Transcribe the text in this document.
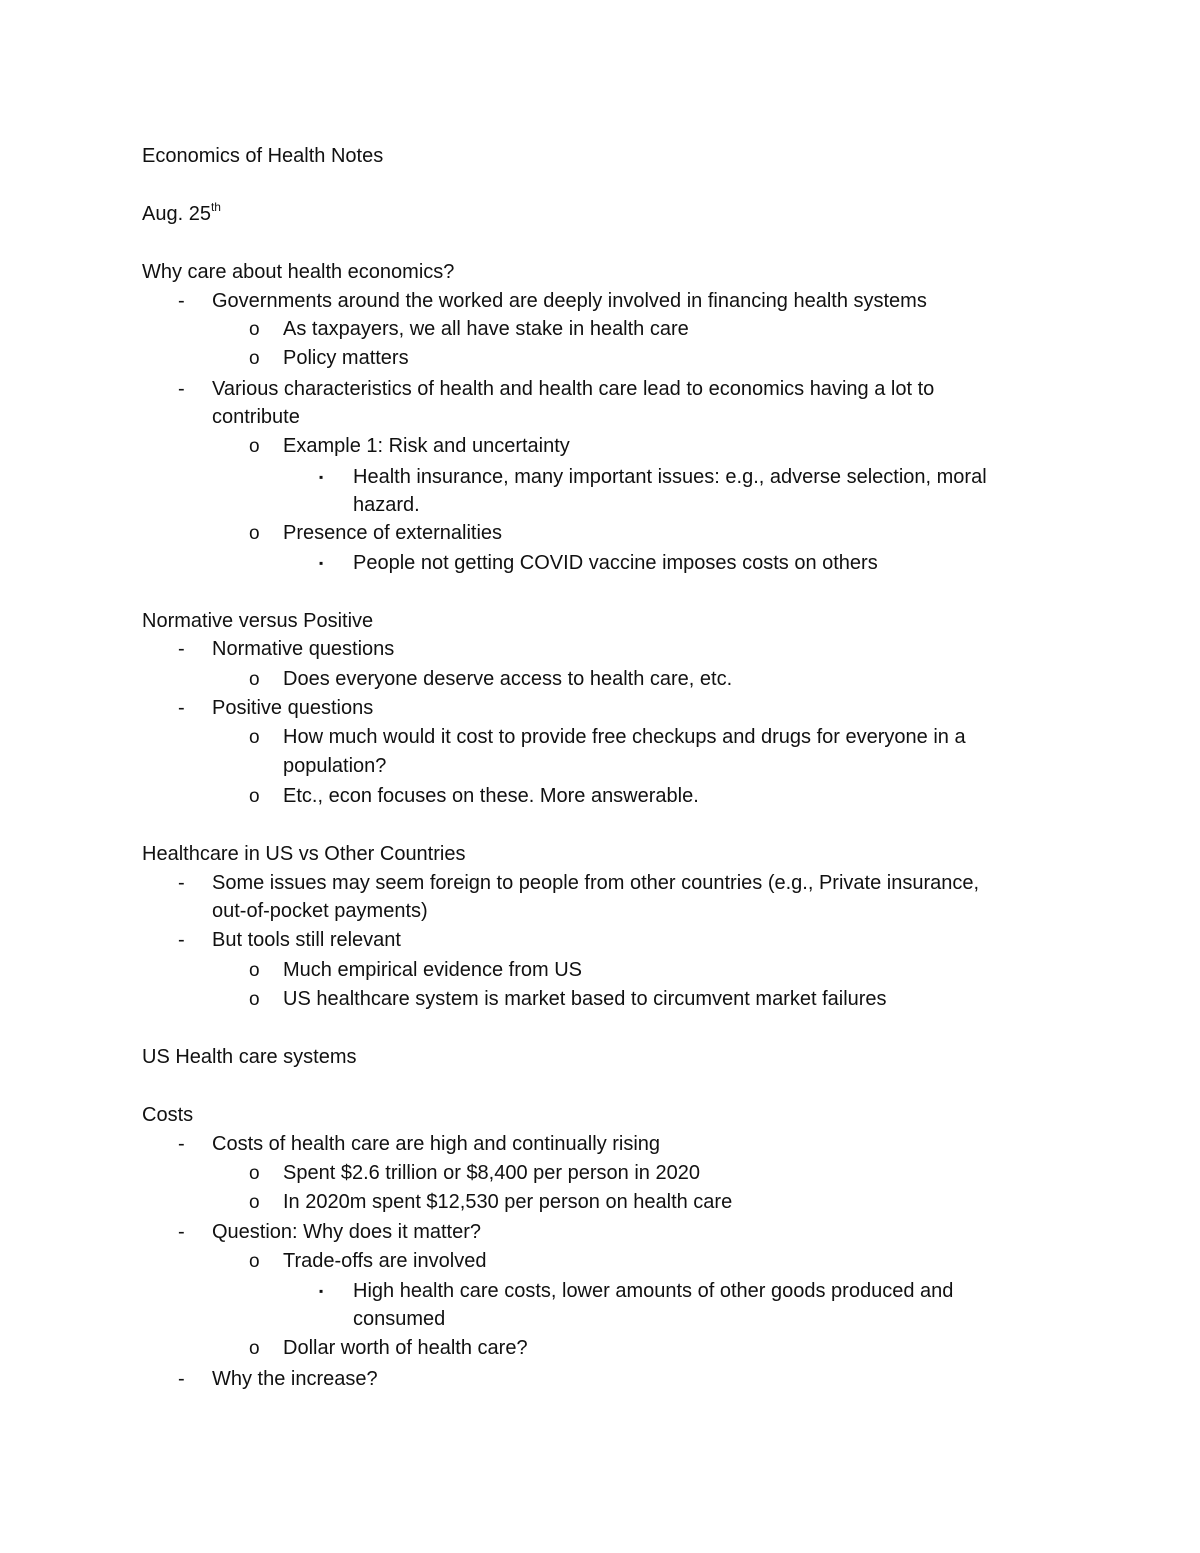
Economics of Health Notes
Aug. 25th
Why care about health economics?
- Governments around the worked are deeply involved in financing health systems
o As taxpayers, we all have stake in health care
o Policy matters
- Various characteristics of health and health care lead to economics having a lot to
contribute
o Example 1: Risk and uncertainty
▪ Health insurance, many important issues: e.g., adverse selection, moral
hazard.
o Presence of externalities
▪ People not getting COVID vaccine imposes costs on others
Normative versus Positive
- Normative questions
o Does everyone deserve access to health care, etc.
- Positive questions
o How much would it cost to provide free checkups and drugs for everyone in a
population?
o Etc., econ focuses on these. More answerable.
Healthcare in US vs Other Countries
- Some issues may seem foreign to people from other countries (e.g., Private insurance,
out-of-pocket payments)
- But tools still relevant
o Much empirical evidence from US
o US healthcare system is market based to circumvent market failures
US Health care systems
Costs
- Costs of health care are high and continually rising
o Spent $2.6 trillion or $8,400 per person in 2020
o In 2020m spent $12,530 per person on health care
- Question: Why does it matter?
o Trade-offs are involved
▪ High health care costs, lower amounts of other goods produced and
consumed
o Dollar worth of health care?
- Why the increase?
